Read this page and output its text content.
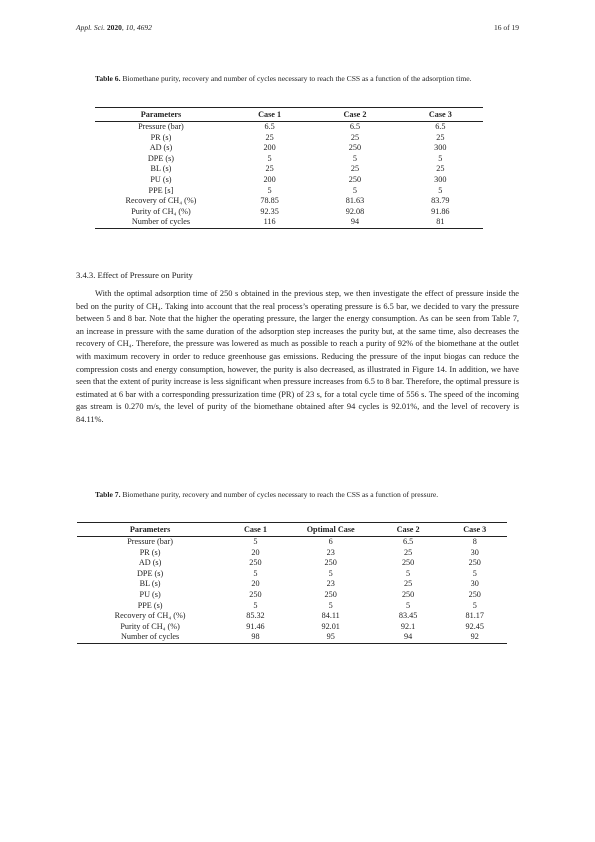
Appl. Sci. 2020, 10, 4692	16 of 19
Table 6. Biomethane purity, recovery and number of cycles necessary to reach the CSS as a function of the adsorption time.
Parameters	Case 1	Case 2	Case 3
Pressure (bar)	6.5	6.5	6.5
PR (s)	25	25	25
AD (s)	200	250	300
DPE (s)	5	5	5
BL (s)	25	25	25
PU (s)	200	250	300
PPE [s]	5	5	5
Recovery of CH₄ (%)	78.85	81.63	83.79
Purity of CH₄ (%)	92.35	92.08	91.86
Number of cycles	116	94	81
3.4.3. Effect of Pressure on Purity

With the optimal adsorption time of 250 s obtained in the previous step, we then investigate the effect of pressure inside the bed on the purity of CH₄. Taking into account that the real process’s operating pressure is 6.5 bar, we decided to vary the pressure between 5 and 8 bar. Note that the higher the operating pressure, the larger the energy consumption. As can be seen from Table 7, an increase in pressure with the same duration of the adsorption step increases the purity but, at the same time, also decreases the recovery of CH₄. Therefore, the pressure was lowered as much as possible to reach a purity of 92% of the biomethane at the outlet with maximum recovery in order to reduce greenhouse gas emissions. Reducing the pressure of the input biogas can reduce the compression costs and energy consumption, however, the purity is also decreased, as illustrated in Figure 14. In addition, we have seen that the extent of purity increase is less significant when pressure increases from 6.5 to 8 bar. Therefore, the optimal pressure is estimated at 6 bar with a corresponding pressurization time (PR) of 23 s, for a total cycle time of 556 s. The speed of the incoming gas stream is 0.270 m/s, the level of purity of the biomethane obtained after 94 cycles is 92.01%, and the level of recovery is 84.11%.

Table 7. Biomethane purity, recovery and number of cycles necessary to reach the CSS as a function of pressure.
Parameters	Case 1	Optimal Case	Case 2	Case 3
Pressure (bar)	5	6	6.5	8
PR (s)	20	23	25	30
AD (s)	250	250	250	250
DPE (s)	5	5	5	5
BL (s)	20	23	25	30
PU (s)	250	250	250	250
PPE (s)	5	5	5	5
Recovery of CH₄ (%)	85.32	84.11	83.45	81.17
Purity of CH₄ (%)	91.46	92.01	92.1	92.45
Number of cycles	98	95	94	92
